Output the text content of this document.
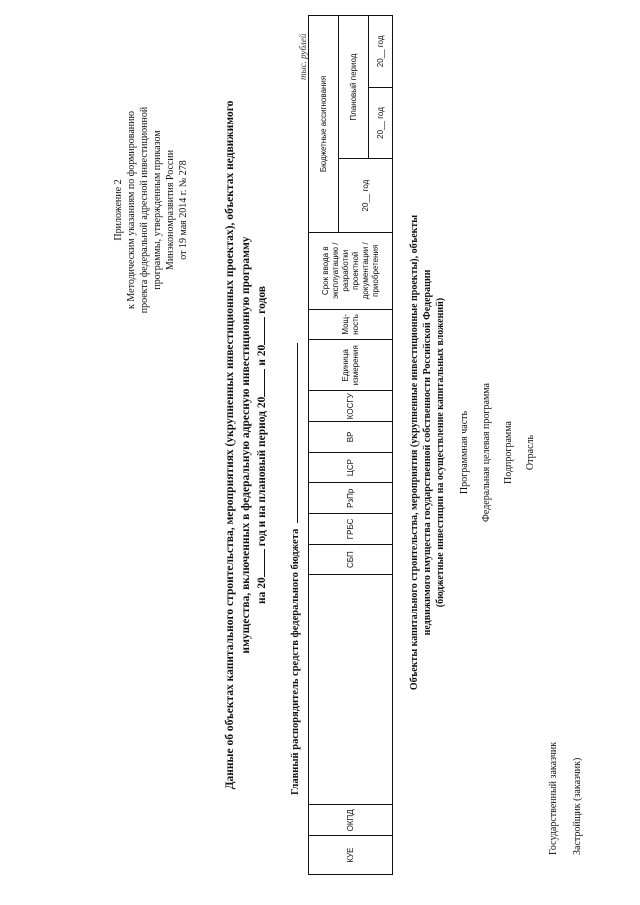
Приложение 2 к Методическим указаниям по формированию проекта федеральной адресной инвестиционной программы, утвержденным приказом Минэкономразвития России от 19 мая 2014 г. № 278	Данные об объектах капитального строительства, мероприятиях (укрупненных инвестиционных проектах), объектах недвижимого имущества, включенных в федеральную адресную инвестиционную программу на 20 год и на плановый период 20 и 20 годов
Главный распорядитель средств федерального бюджета
тыс. рублей
КУЕ	ОКПД		СБП	ГРБС	РзПр	ЦСР	ВР	КОСГУ	Единица измерения	Мощ-ность	Срок ввода в эксплуатацию / разработки проектной документации / приобретения	Бюджетные ассигнования		
												20__ год	Плановый период	
													20__ год	20__ год
Объекты капитального строительства, мероприятия (укрупненные инвестиционные проекты), объекты недвижимого имущества государственной собственности Российской Федерации (бюджетные инвестиции на осуществление капитальных вложений) Программная часть Федеральная целевая программа Подпрограмма Отрасль
Государственный заказчик Застройщик (заказчик)
